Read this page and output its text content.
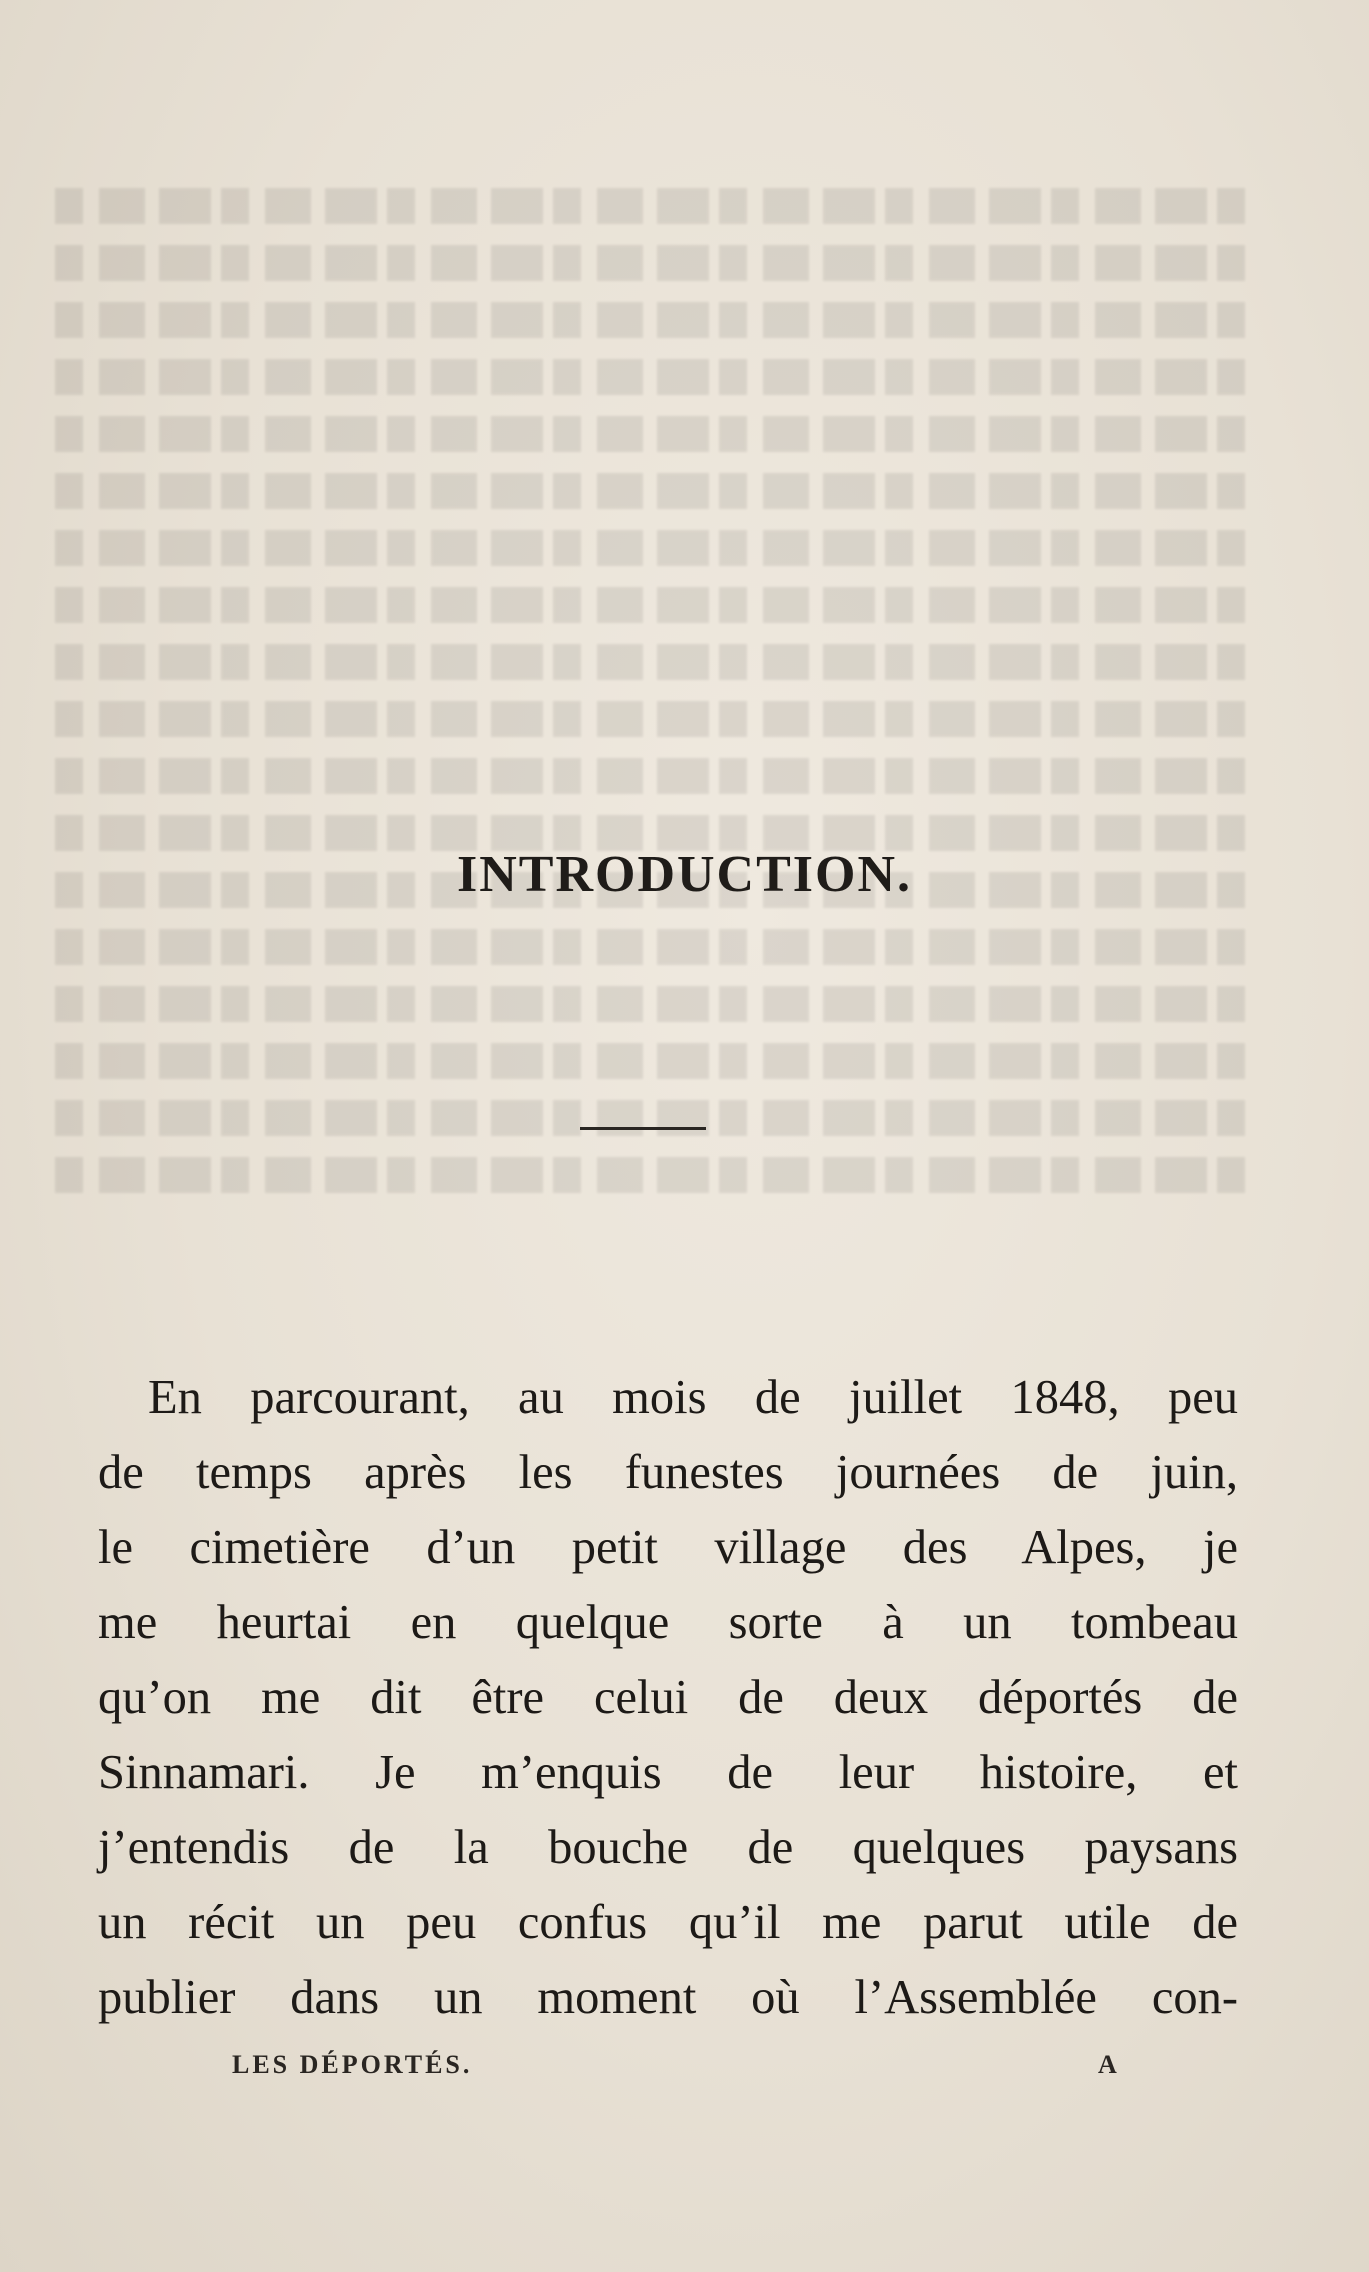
INTRODUCTION.
En parcourant, au mois de juillet 1848, peu
de temps après les funestes journées de juin,
le cimetière d’un petit village des Alpes, je
me heurtai en quelque sorte à un tombeau
qu’on me dit être celui de deux déportés de
Sinnamari. Je m’enquis de leur histoire, et
j’entendis de la bouche de quelques paysans
un récit un peu confus qu’il me parut utile de
publier dans un moment où l’Assemblée con-
LES DÉPORTÉS.	A
